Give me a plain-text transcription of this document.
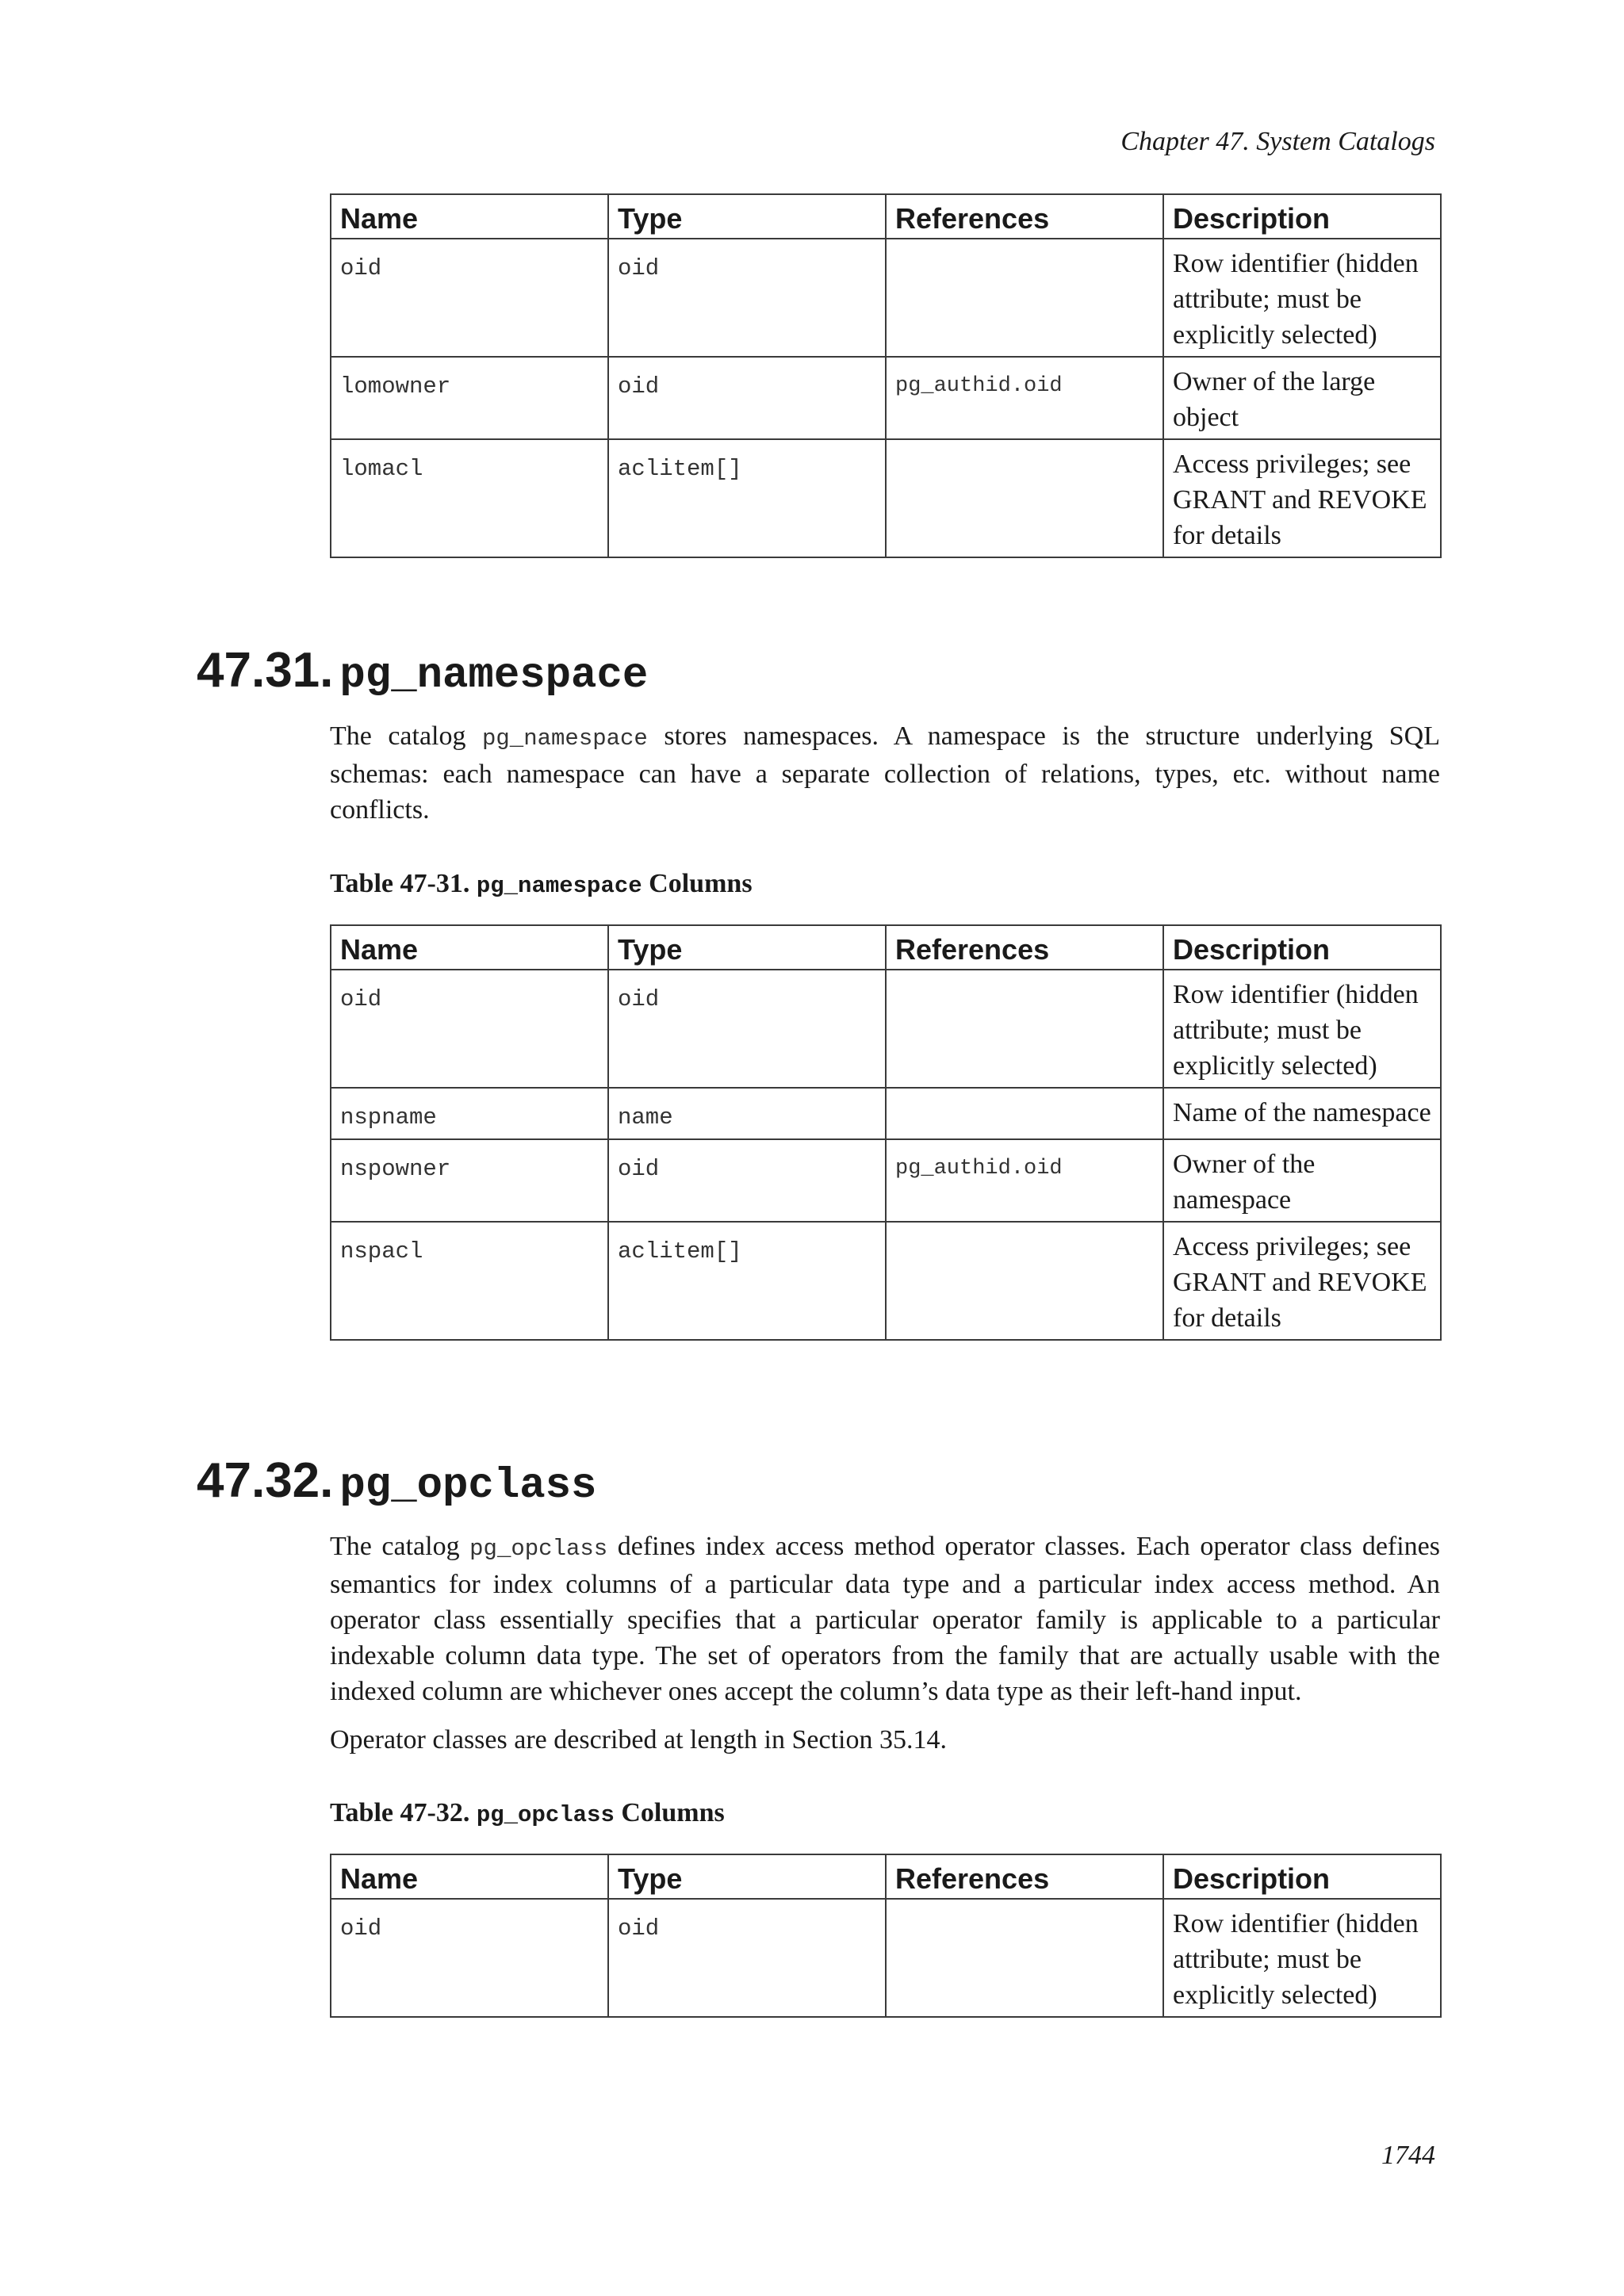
Chapter 47. System Catalogs
Name	Type	References	Description
oid	oid		Row identifier (hidden attribute; must be explicitly selected)
lomowner	oid	pg_authid.oid	Owner of the large object
lomacl	aclitem[]		Access privileges; see GRANT and REVOKE for details
47.31. pg_namespace

The catalog pg_namespace stores namespaces. A namespace is the structure underlying SQL schemas: each namespace can have a separate collection of relations, types, etc. without name conflicts.

Table 47-31. pg_namespace Columns
Name	Type	References	Description
oid	oid		Row identifier (hidden attribute; must be explicitly selected)
nspname	name		Name of the namespace
nspowner	oid	pg_authid.oid	Owner of the namespace
nspacl	aclitem[]		Access privileges; see GRANT and REVOKE for details
47.32. pg_opclass

The catalog pg_opclass defines index access method operator classes. Each operator class defines semantics for index columns of a particular data type and a particular index access method. An operator class essentially specifies that a particular operator family is applicable to a particular indexable column data type. The set of operators from the family that are actually usable with the indexed column are whichever ones accept the column’s data type as their left-hand input.

Operator classes are described at length in Section 35.14.

Table 47-32. pg_opclass Columns
Name	Type	References	Description
oid	oid		Row identifier (hidden attribute; must be explicitly selected)
1744
